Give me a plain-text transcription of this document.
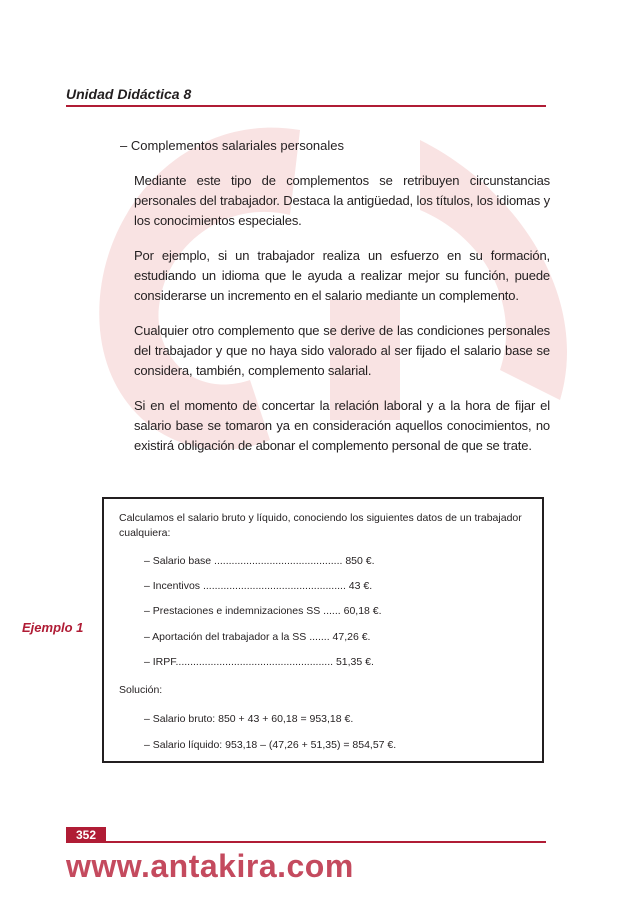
Unidad Didáctica 8
– Complementos salariales personales

Mediante este tipo de complementos se retribuyen circunstancias personales del trabajador. Destaca la antigüedad, los títulos, los idiomas y los conocimientos especiales.

Por ejemplo, si un trabajador realiza un esfuerzo en su formación, estudiando un idioma que le ayuda a realizar mejor su función, puede considerarse un incremento en el salario mediante un complemento.

Cualquier otro complemento que se derive de las condiciones personales del trabajador y que no haya sido valorado al ser fijado el salario base se considera, también, complemento salarial.

Si en el momento de concertar la relación laboral y a la hora de fijar el salario base se tomaron ya en consideración aquellos conocimientos, no existirá obligación de abonar el complemento personal de que se trate.

Ejemplo 1
Calculamos el salario bruto y líquido, conociendo los siguientes datos de un trabajador cualquiera:
– Salario base ............................................ 850 €.
– Incentivos ................................................. 43 €.
– Prestaciones e indemnizaciones SS ...... 60,18 €.
– Aportación del trabajador a la SS ....... 47,26 €.
– IRPF...................................................... 51,35 €.
Solución:
– Salario bruto: 850 + 43 + 60,18 = 953,18 €.
– Salario líquido: 953,18 – (47,26 + 51,35) = 854,57 €.
352
www.antakira.com
